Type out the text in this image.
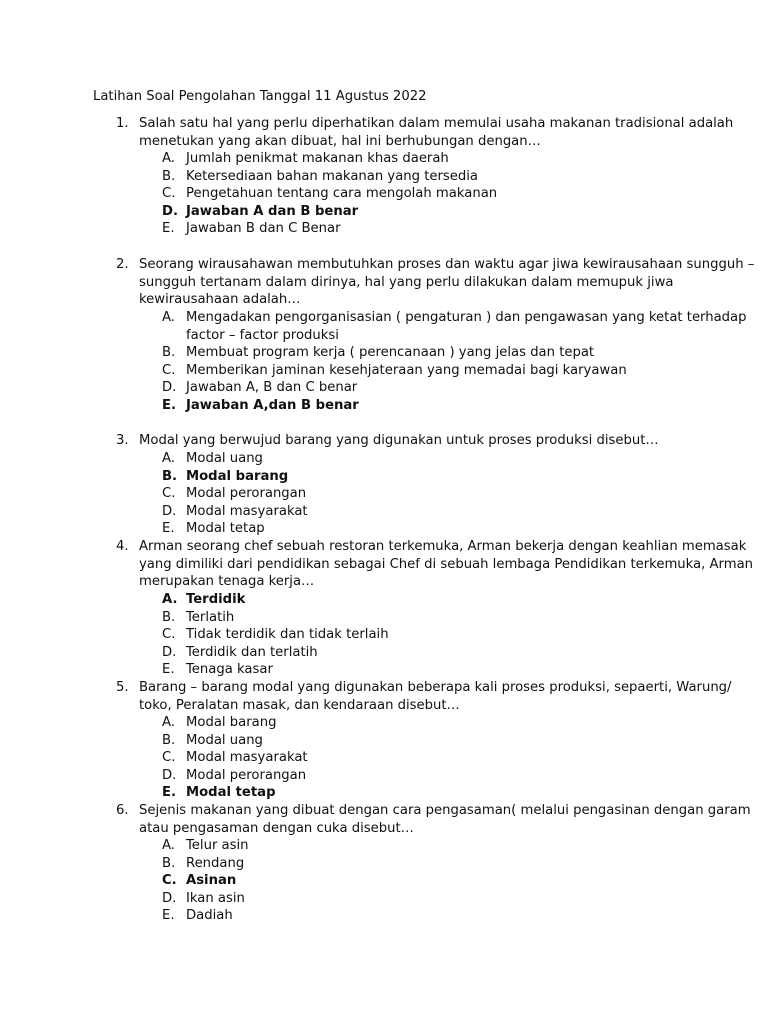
Latihan Soal Pengolahan Tanggal 11 Agustus 2022
1. Salah satu hal yang perlu diperhatikan dalam memulai usaha makanan tradisional adalah
menetukan yang akan dibuat, hal ini berhubungan dengan…
A. Jumlah penikmat makanan khas daerah
B. Ketersediaan bahan makanan yang tersedia
C. Pengetahuan tentang cara mengolah makanan
D. Jawaban A dan B benar
E. Jawaban B dan C Benar
2. Seorang wirausahawan membutuhkan proses dan waktu agar jiwa kewirausahaan sungguh –
sungguh tertanam dalam dirinya, hal yang perlu dilakukan dalam memupuk jiwa
kewirausahaan adalah…
A. Mengadakan pengorganisasian ( pengaturan ) dan pengawasan yang ketat terhadap
factor – factor produksi
B. Membuat program kerja ( perencanaan ) yang jelas dan tepat
C. Memberikan jaminan kesehjateraan yang memadai bagi karyawan
D. Jawaban A, B dan C benar
E. Jawaban A,dan B benar
3. Modal yang berwujud barang yang digunakan untuk proses produksi disebut…
A. Modal uang
B. Modal barang
C. Modal perorangan
D. Modal masyarakat
E. Modal tetap
4. Arman seorang chef sebuah restoran terkemuka, Arman bekerja dengan keahlian memasak
yang dimiliki dari pendidikan sebagai Chef di sebuah lembaga Pendidikan terkemuka, Arman
merupakan tenaga kerja…
A. Terdidik
B. Terlatih
C. Tidak terdidik dan tidak terlaih
D. Terdidik dan terlatih
E. Tenaga kasar
5. Barang – barang modal yang digunakan beberapa kali proses produksi, sepaerti, Warung/
toko, Peralatan masak, dan kendaraan disebut…
A. Modal barang
B. Modal uang
C. Modal masyarakat
D. Modal perorangan
E. Modal tetap
6. Sejenis makanan yang dibuat dengan cara pengasaman( melalui pengasinan dengan garam
atau pengasaman dengan cuka disebut…
A. Telur asin
B. Rendang
C. Asinan
D. Ikan asin
E. Dadiah
